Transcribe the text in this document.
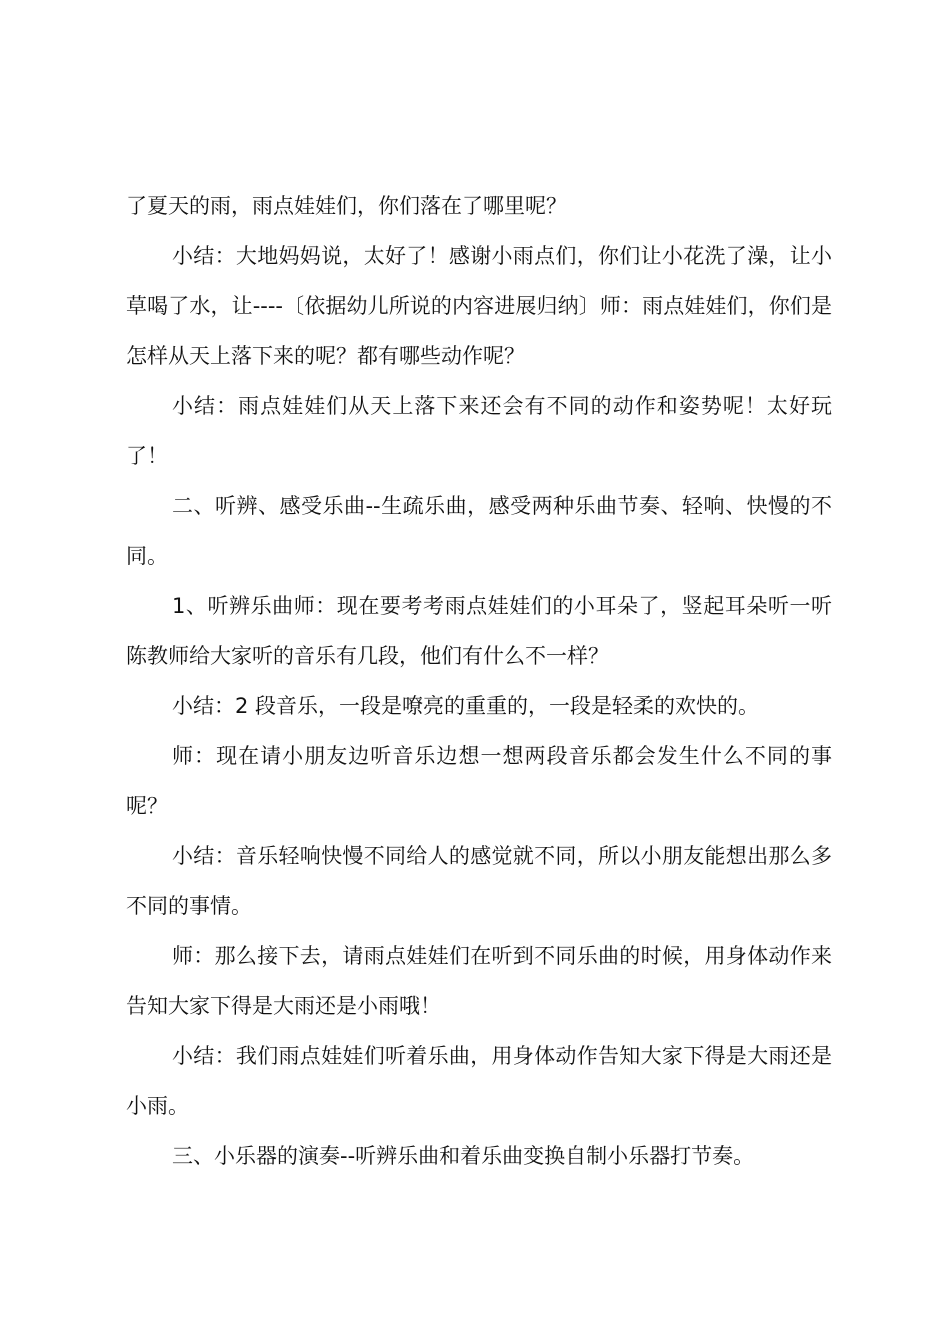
了夏天的雨，雨点娃娃们，你们落在了哪里呢？

小结：大地妈妈说，太好了！感谢小雨点们，你们让小花洗了澡，让小草喝了水，让----〔依据幼儿所说的内容进展归纳〕师：雨点娃娃们，你们是怎样从天上落下来的呢？都有哪些动作呢？

小结：雨点娃娃们从天上落下来还会有不同的动作和姿势呢！太好玩了！

二、听辨、感受乐曲--生疏乐曲，感受两种乐曲节奏、轻响、快慢的不同。

1、听辨乐曲师：现在要考考雨点娃娃们的小耳朵了，竖起耳朵听一听陈教师给大家听的音乐有几段，他们有什么不一样？

小结：2 段音乐，一段是嘹亮的重重的，一段是轻柔的欢快的。

师：现在请小朋友边听音乐边想一想两段音乐都会发生什么不同的事呢？

小结：音乐轻响快慢不同给人的感觉就不同，所以小朋友能想出那么多不同的事情。

师：那么接下去，请雨点娃娃们在听到不同乐曲的时候，用身体动作来告知大家下得是大雨还是小雨哦！

小结：我们雨点娃娃们听着乐曲，用身体动作告知大家下得是大雨还是小雨。

三、小乐器的演奏--听辨乐曲和着乐曲变换自制小乐器打节奏。
